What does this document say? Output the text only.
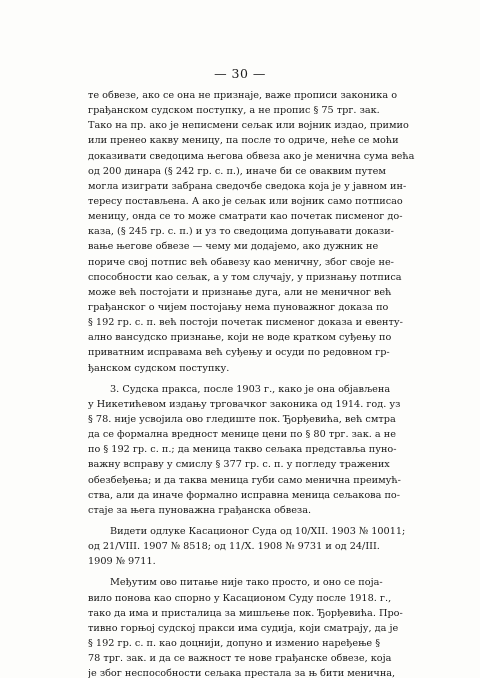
— 30 —
те обвезе, ако се она не признаје, важе прописи законика о
грађанском судском поступку, а не пропис § 75 трг. зак.
Тако на пр. ако је неписмени сељак или војник издао, примио
или пренео какву меницу, па после то одриче, неће се моћи
доказивати сведоцима његова обвеза ако је менична сума већа
од 200 динара (§ 242 гр. с. п.), иначе би се оваквим путем
могла изиграти забрана сведочбе сведока која је у јавном ин-
тересу постављена. А ако је сељак или војник само потписао
меницу, онда се то може сматрати као почетак писменог до-
каза, (§ 245 гр. с. п.) и уз то сведоцима допуњавати докази-
вање његове обвезе — чему ми додајемо, ако дужник не
пориче свој потпис већ обавезу као меничну, због своје не-
способности као сељак, а у том случају, у признању потписа
може већ постојати и признање дуга, али не меничног већ
грађанског о чијем постојању нема пуноважног доказа по
§ 192 гр. с. п. већ постоји почетак писменог доказа и евенту-
ално вансудско признање, који не воде кратком суђењу по
приватним исправама већ суђењу и осуди по редовном гр-
ђанском судском поступку.
3. Судска пракса, после 1903 г., како је она објављена
у Никетићевом издању трговачког законика од 1914. год. уз
§ 78. није усвојила ово гледиште пок. Ђорђевића, већ смтра
да се формална вредност менице цени по § 80 трг. зак. а не
по § 192 гр. с. п.; да меница такво сељака представља пуно-
важну всправу у смислу § 377 гр. с. п. у погледу тражених
обезбеђења; и да таква меница губи само менична преимућ-
ства, али да иначе формално исправна меница сељакова по-
стаје за њега пуноважна грађанска обвеза.
Видети одлуке Касационог Суда од 10/XII. 1903 № 10011;
од 21/VIII. 1907 № 8518; од 11/X. 1908 № 9731 и од 24/III.
1909 № 9711.
Међутим ово питање није тако просто, и оно се поја-
вило понова као спорно у Касационом Суду после 1918. г.,
тако да има и присталица за мишљење пок. Ђорђевића. Про-
тивно горњој судској пракси има судија, који сматрају, да је
§ 192 гр. с. п. као доцнији, допуно и изменио наређење §
78 трг. зак. и да се важност те нове грађанске обвезе, која
је због неспособности сељака престала за њ бити менична,
